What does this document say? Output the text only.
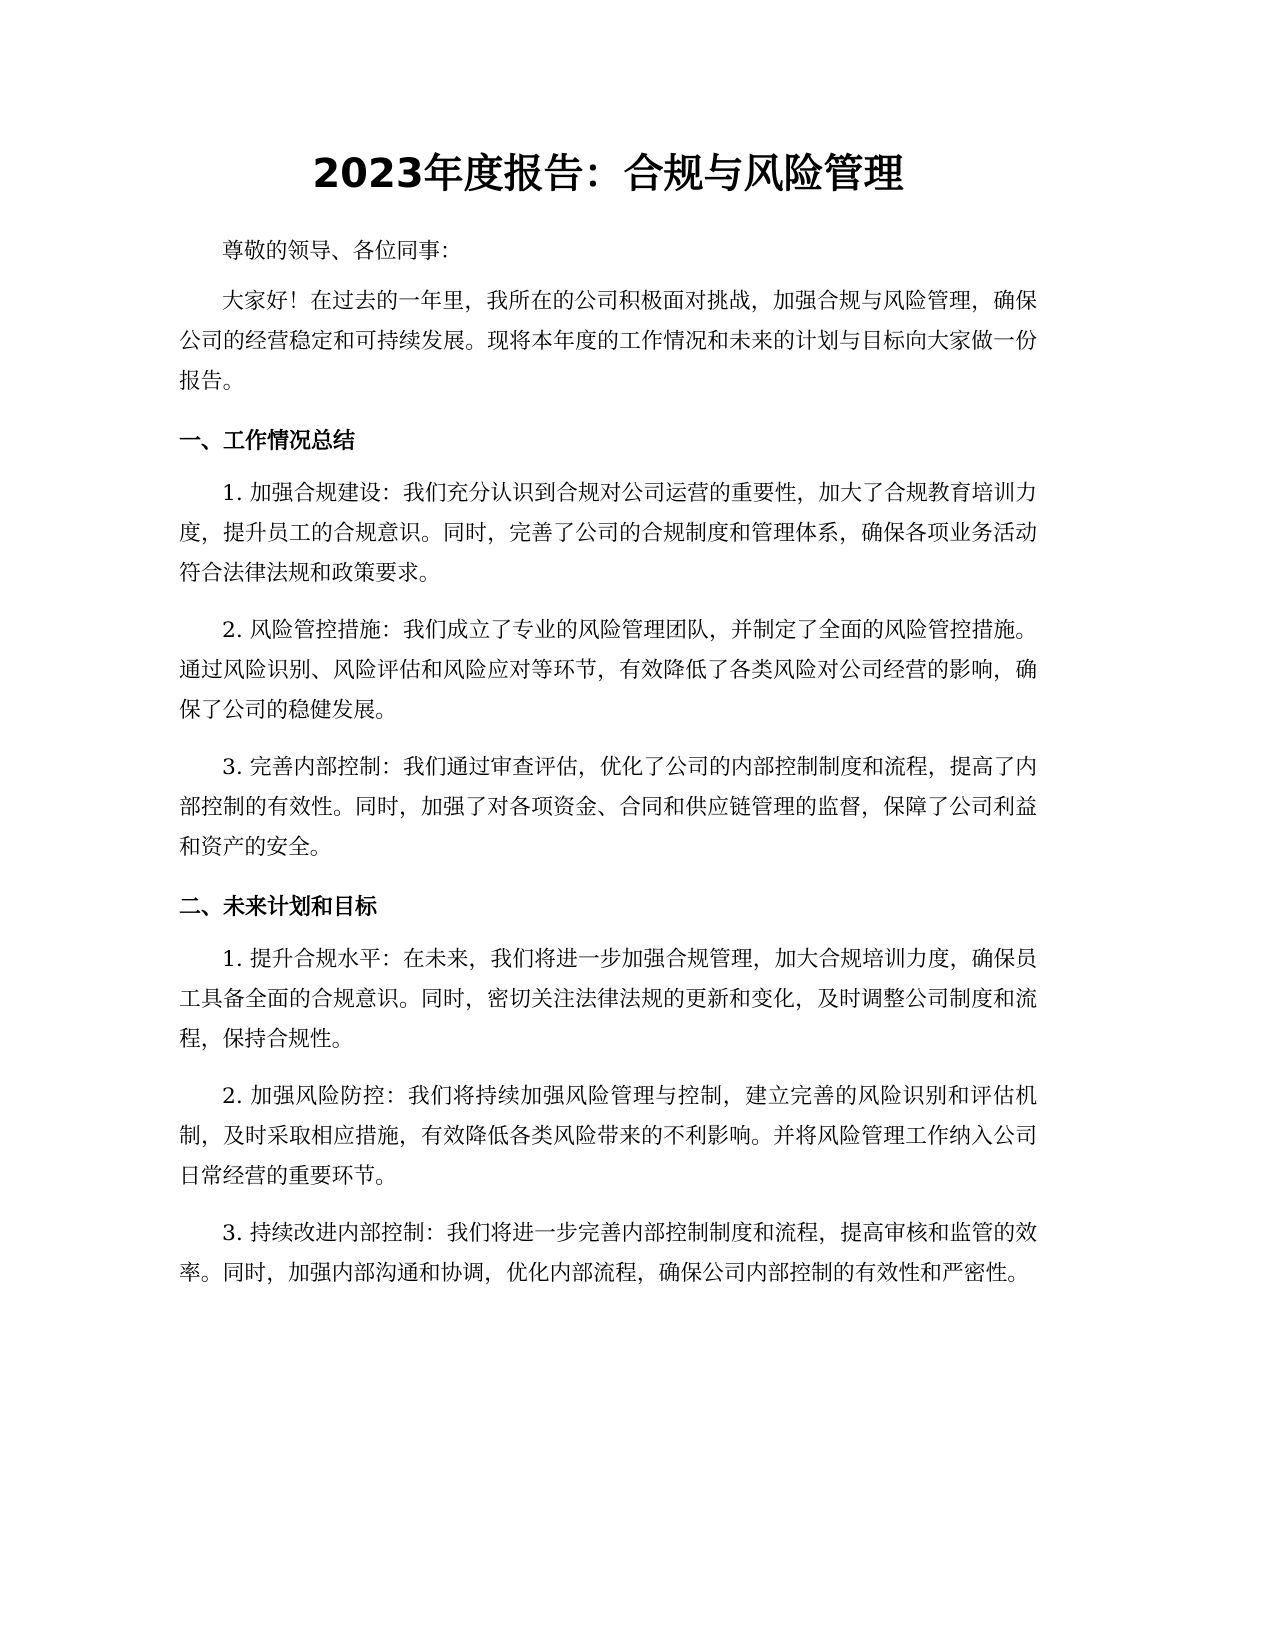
2023年度报告：合规与风险管理

尊敬的领导、各位同事：

大家好！在过去的一年里，我所在的公司积极面对挑战，加强合规与风险管理，确保公司的经营稳定和可持续发展。现将本年度的工作情况和未来的计划与目标向大家做一份报告。

一、工作情况总结

1. 加强合规建设：我们充分认识到合规对公司运营的重要性，加大了合规教育培训力度，提升员工的合规意识。同时，完善了公司的合规制度和管理体系，确保各项业务活动符合法律法规和政策要求。

2. 风险管控措施：我们成立了专业的风险管理团队，并制定了全面的风险管控措施。通过风险识别、风险评估和风险应对等环节，有效降低了各类风险对公司经营的影响，确保了公司的稳健发展。

3. 完善内部控制：我们通过审查评估，优化了公司的内部控制制度和流程，提高了内部控制的有效性。同时，加强了对各项资金、合同和供应链管理的监督，保障了公司利益和资产的安全。

二、未来计划和目标

1. 提升合规水平：在未来，我们将进一步加强合规管理，加大合规培训力度，确保员工具备全面的合规意识。同时，密切关注法律法规的更新和变化，及时调整公司制度和流程，保持合规性。

2. 加强风险防控：我们将持续加强风险管理与控制，建立完善的风险识别和评估机制，及时采取相应措施，有效降低各类风险带来的不利影响。并将风险管理工作纳入公司日常经营的重要环节。

3. 持续改进内部控制：我们将进一步完善内部控制制度和流程，提高审核和监管的效率。同时，加强内部沟通和协调，优化内部流程，确保公司内部控制的有效性和严密性。
